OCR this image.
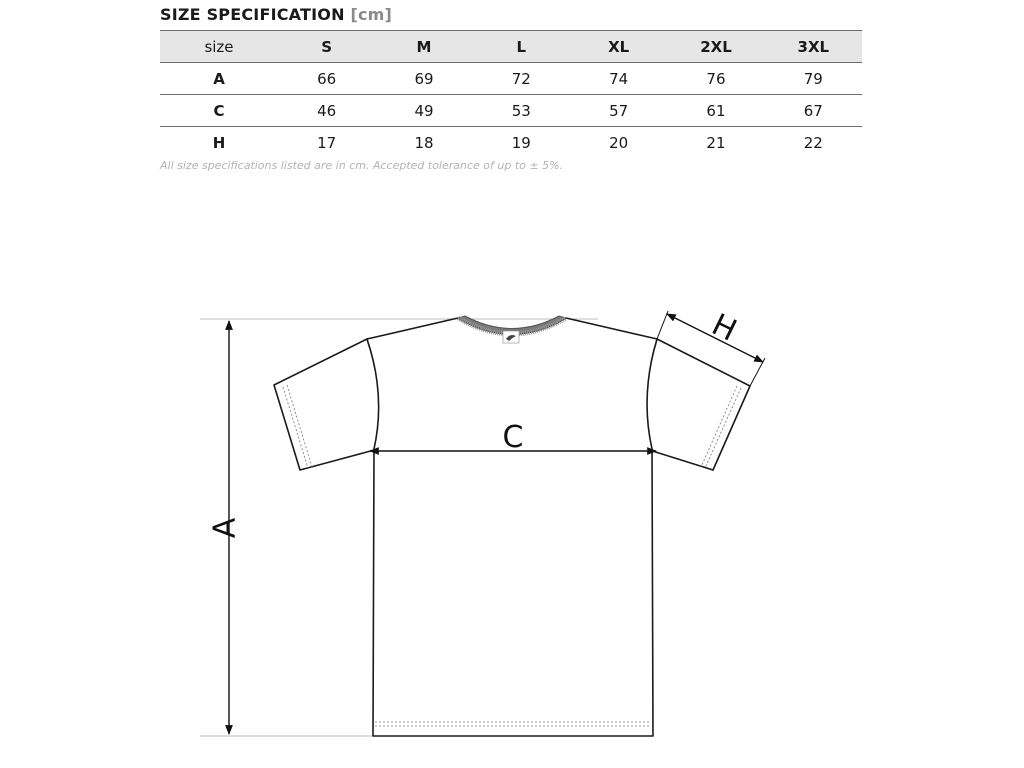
SIZE SPECIFICATION [cm]
size	S	M	L	XL	2XL	3XL
A	66	69	72	74	76	79
C	46	49	53	57	61	67
H	17	18	19	20	21	22
All size specifications listed are in cm. Accepted tolerance of up to ± 5%.
A
C
H
